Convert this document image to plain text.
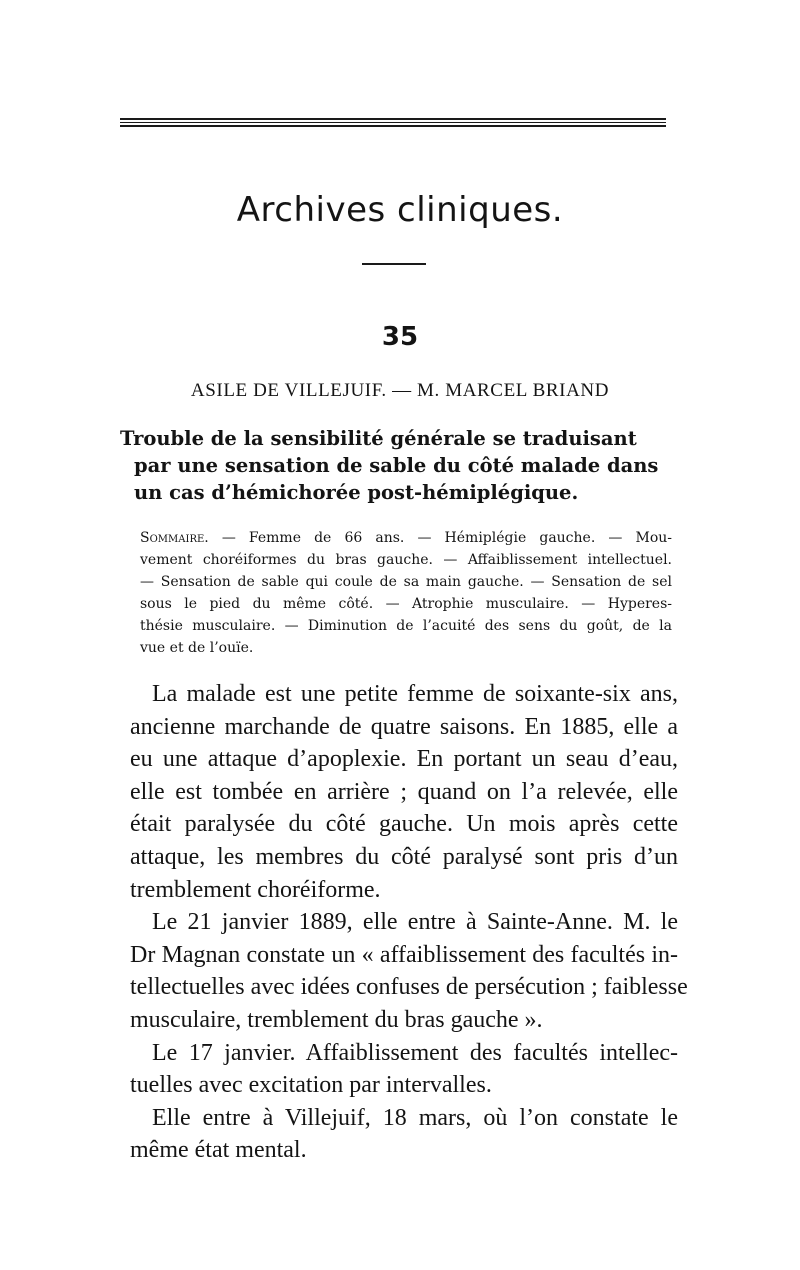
Archives cliniques.
35
ASILE DE VILLEJUIF. — M. MARCEL BRIAND
Trouble de la sensibilité générale se traduisant
par une sensation de sable du côté malade dans
un cas d’hémichorée post-hémiplégique.
Sommaire. — Femme de 66 ans. — Hémiplégie gauche. — Mou-
vement choréiformes du bras gauche. — Affaiblissement intellectuel.
— Sensation de sable qui coule de sa main gauche. — Sensation de sel
sous le pied du même côté. — Atrophie musculaire. — Hyperes-
thésie musculaire. — Diminution de l’acuité des sens du goût, de la
vue et de l’ouïe.
La malade est une petite femme de soixante-six ans,
ancienne marchande de quatre saisons. En 1885, elle a
eu une attaque d’apoplexie. En portant un seau d’eau,
elle est tombée en arrière ; quand on l’a relevée, elle
était paralysée du côté gauche. Un mois après cette
attaque, les membres du côté paralysé sont pris d’un
tremblement choréiforme.
Le 21 janvier 1889, elle entre à Sainte-Anne. M. le
Dr Magnan constate un « affaiblissement des facultés in-
tellectuelles avec idées confuses de persécution ; faiblesse
musculaire, tremblement du bras gauche ».
Le 17 janvier. Affaiblissement des facultés intellec-
tuelles avec excitation par intervalles.
Elle entre à Villejuif, 18 mars, où l’on constate le
même état mental.
